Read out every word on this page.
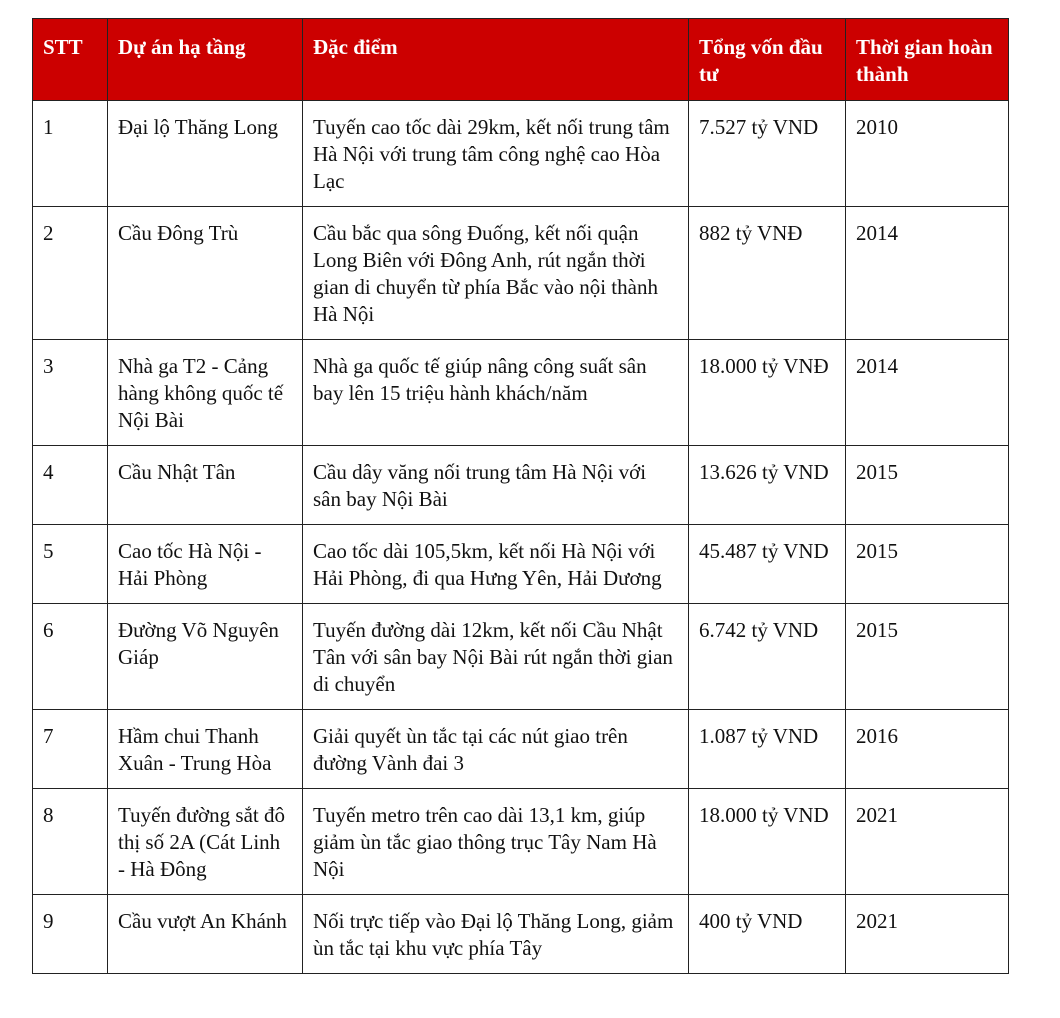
STT	Dự án hạ tầng	Đặc điểm	Tổng vốn đầu tư	Thời gian hoàn thành
1	Đại lộ Thăng Long	Tuyến cao tốc dài 29km, kết nối trung tâm Hà Nội với trung tâm công nghệ cao Hòa Lạc	7.527 tỷ VND	2010
2	Cầu Đông Trù	Cầu bắc qua sông Đuống, kết nối quận Long Biên với Đông Anh, rút ngắn thời gian di chuyển từ phía Bắc vào nội thành Hà Nội	882 tỷ VNĐ	2014
3	Nhà ga T2 - Cảng hàng không quốc tế Nội Bài	Nhà ga quốc tế giúp nâng công suất sân bay lên 15 triệu hành khách/năm	18.000 tỷ VNĐ	2014
4	Cầu Nhật Tân	Cầu dây văng nối trung tâm Hà Nội với sân bay Nội Bài	13.626 tỷ VND	2015
5	Cao tốc Hà Nội - Hải Phòng	Cao tốc dài 105,5km, kết nối Hà Nội với Hải Phòng, đi qua Hưng Yên, Hải Dương	45.487 tỷ VND	2015
6	Đường Võ Nguyên Giáp	Tuyến đường dài 12km, kết nối Cầu Nhật Tân với sân bay Nội Bài rút ngắn thời gian di chuyển	6.742 tỷ VND	2015
7	Hầm chui Thanh Xuân - Trung Hòa	Giải quyết ùn tắc tại các nút giao trên đường Vành đai 3	1.087 tỷ VND	2016
8	Tuyến đường sắt đô thị số 2A (Cát Linh - Hà Đông	Tuyến metro trên cao dài 13,1 km, giúp giảm ùn tắc giao thông trục Tây Nam Hà Nội	18.000 tỷ VND	2021
9	Cầu vượt An Khánh	Nối trực tiếp vào Đại lộ Thăng Long, giảm ùn tắc tại khu vực phía Tây	400 tỷ VND	2021
